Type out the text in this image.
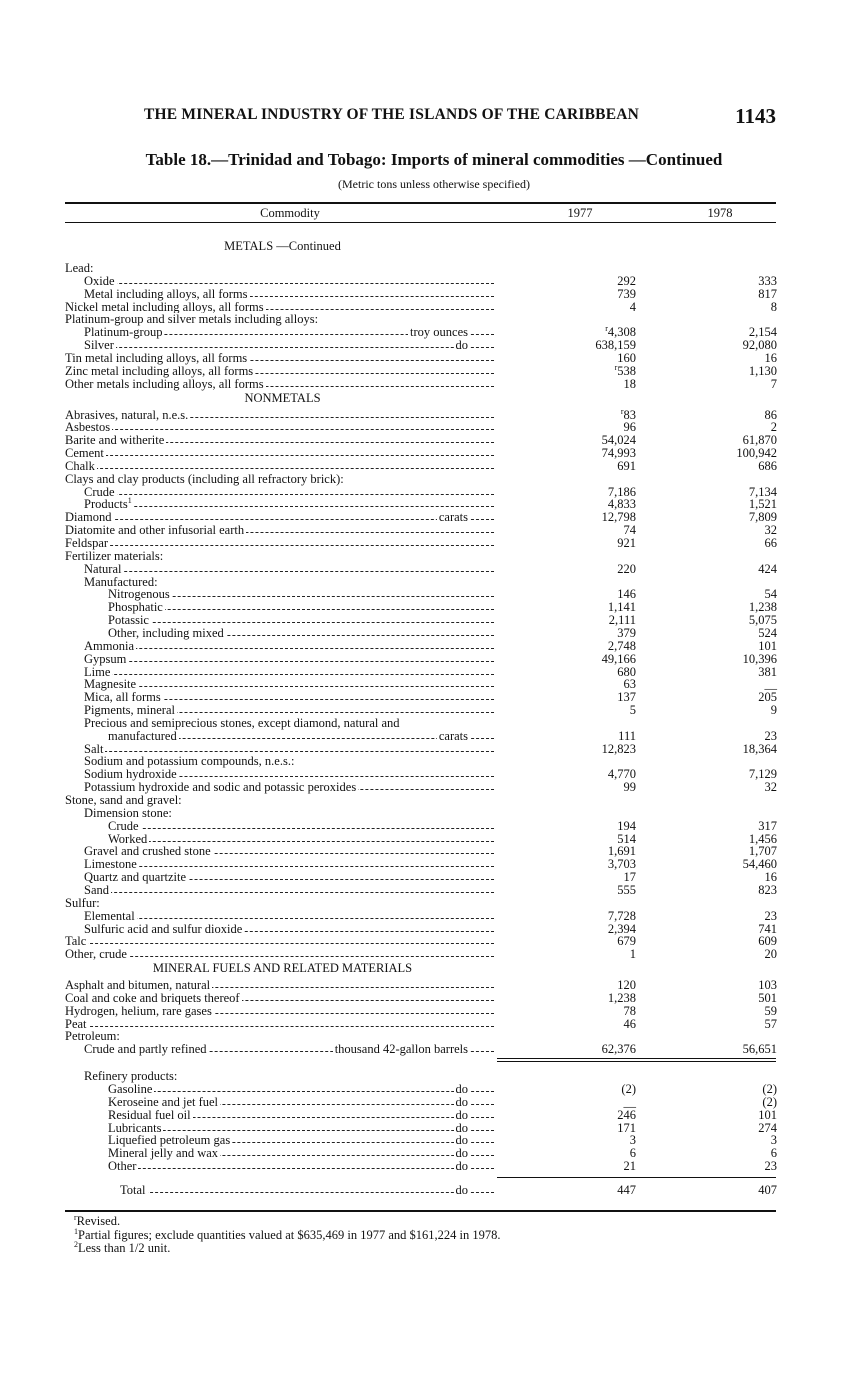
THE MINERAL INDUSTRY OF THE ISLANDS OF THE CARIBBEAN	1143
Table 18.—Trinidad and Tobago: Imports of mineral commodities —Continued
(Metric tons unless otherwise specified)
Commodity	1977	1978
METALS —Continued
Lead:
Oxide	292	333
Metal including alloys, all forms	739	817
Nickel metal including alloys, all forms	4	8
Platinum-group and silver metals including alloys:
Platinum-group	troy ounces	$^r$4,308	2,154
Silver	do	638,159	92,080
Tin metal including alloys, all forms	160	16
Zinc metal including alloys, all forms	$^r$538	1,130
Other metals including alloys, all forms	18	7
NONMETALS
Abrasives, natural, n.e.s.	$^r$83	86
Asbestos	96	2
Barite and witherite	54,024	61,870
Cement	74,993	100,942
Chalk	691	686
Clays and clay products (including all refractory brick):
Crude	7,186	7,134
Products$^1$	4,833	1,521
Diamond	carats	12,798	7,809
Diatomite and other infusorial earth	74	32
Feldspar	921	66
Fertilizer materials:
Natural	220	424
Manufactured:
Nitrogenous	146	54
Phosphatic	1,141	1,238
Potassic	2,111	5,075
Other, including mixed	379	524
Ammonia	2,748	101
Gypsum	49,166	10,396
Lime	680	381
Magnesite	63	__
Mica, all forms	137	205
Pigments, mineral	5	9
Precious and semiprecious stones, except diamond, natural and
manufactured	carats	111	23
Salt	12,823	18,364
Sodium and potassium compounds, n.e.s.:
Sodium hydroxide	4,770	7,129
Potassium hydroxide and sodic and potassic peroxides	99	32
Stone, sand and gravel:
Dimension stone:
Crude	194	317
Worked	514	1,456
Gravel and crushed stone	1,691	1,707
Limestone	3,703	54,460
Quartz and quartzite	17	16
Sand	555	823
Sulfur:
Elemental	7,728	23
Sulfuric acid and sulfur dioxide	2,394	741
Talc	679	609
Other, crude	1	20
MINERAL FUELS AND RELATED MATERIALS
Asphalt and bitumen, natural	120	103
Coal and coke and briquets thereof	1,238	501
Hydrogen, helium, rare gases	78	59
Peat	46	57
Petroleum:
Crude and partly refined	thousand 42-gallon barrels	62,376	56,651
Refinery products:
Gasoline	do	(2)	(2)
Keroseine and jet fuel	do	__	(2)
Residual fuel oil	do	246	101
Lubricants	do	171	274
Liquefied petroleum gas	do	3	3
Mineral jelly and wax	do	6	6
Other	do	21	23
Total	do	447	407
$^r$Revised.
$^1$Partial figures; exclude quantities valued at $635,469 in 1977 and $161,224 in 1978.
$^2$Less than 1/2 unit.
